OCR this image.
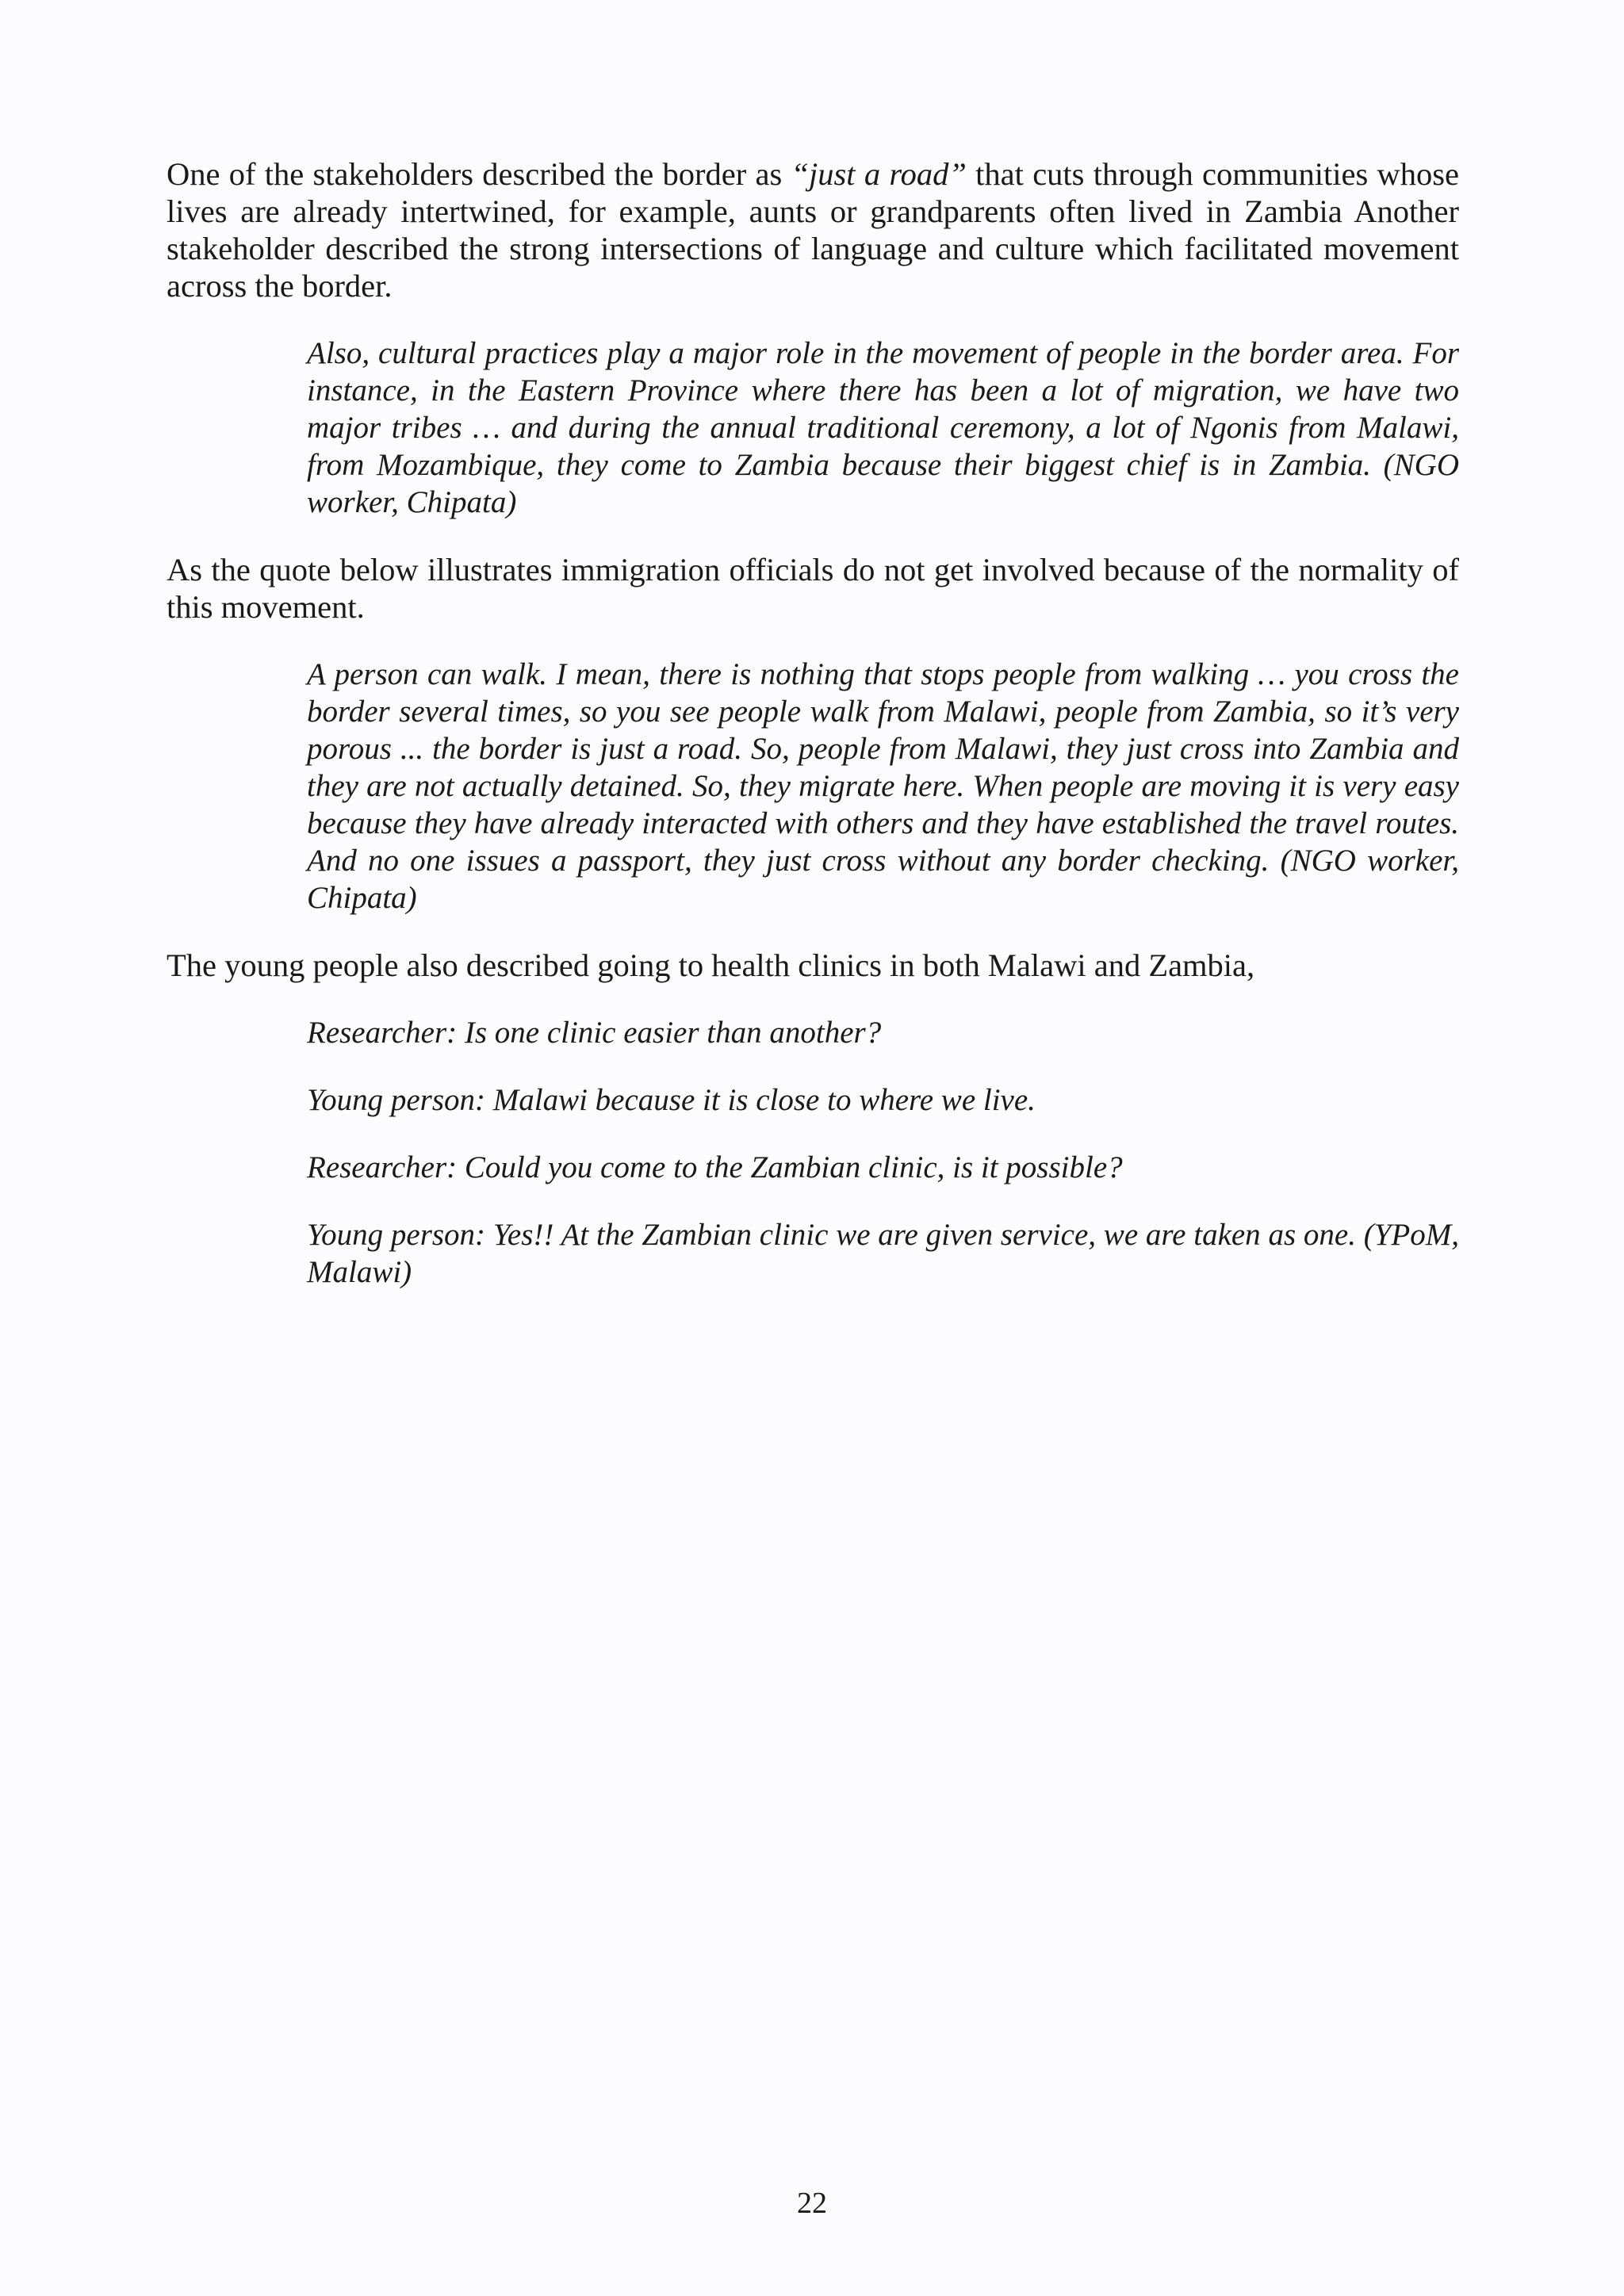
One of the stakeholders described the border as “just a road” that cuts through communities whose lives are already intertwined, for example, aunts or grandparents often lived in Zambia Another stakeholder described the strong intersections of language and culture which facilitated movement across the border.

Also, cultural practices play a major role in the movement of people in the border area. For instance, in the Eastern Province where there has been a lot of migration, we have two major tribes … and during the annual traditional ceremony, a lot of Ngonis from Malawi, from Mozambique, they come to Zambia because their biggest chief is in Zambia. (NGO worker, Chipata)

As the quote below illustrates immigration officials do not get involved because of the normality of this movement.

A person can walk. I mean, there is nothing that stops people from walking … you cross the border several times, so you see people walk from Malawi, people from Zambia, so it’s very porous ... the border is just a road. So, people from Malawi, they just cross into Zambia and they are not actually detained. So, they migrate here. When people are moving it is very easy because they have already interacted with others and they have established the travel routes. And no one issues a passport, they just cross without any border checking. (NGO worker, Chipata)

The young people also described going to health clinics in both Malawi and Zambia,

Researcher: Is one clinic easier than another?

Young person: Malawi because it is close to where we live.

Researcher: Could you come to the Zambian clinic, is it possible?

Young person: Yes!! At the Zambian clinic we are given service, we are taken as one. (YPoM, Malawi)

22
